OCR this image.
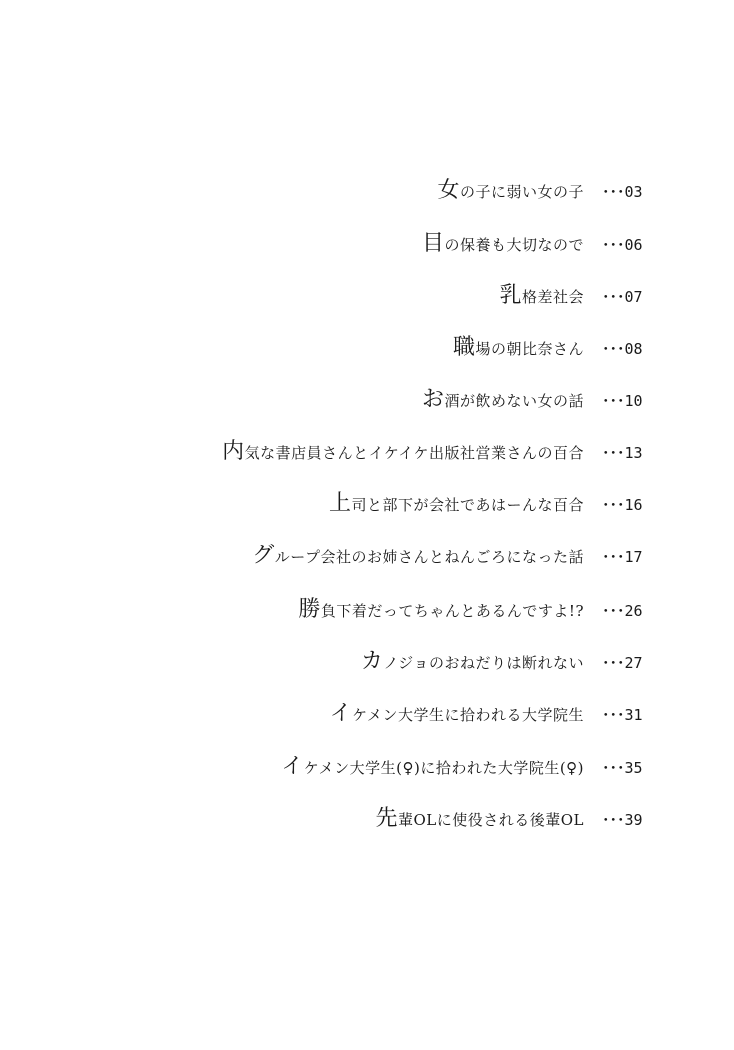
女 の子に弱い女の子 ･･･03
目 の保養も大切なので ･･･06
乳 格差社会 ･･･07
職 場の朝比奈さん ･･･08
お 酒が飲めない女の話 ･･･10
内 気な書店員さんとイケイケ出版社営業さんの百合 ･･･13
上 司と部下が会社であはーんな百合 ･･･16
グ ループ会社のお姉さんとねんごろになった話 ･･･17
勝 負下着だってちゃんとあるんですよ!? ･･･26
カ ノジョのおねだりは断れない ･･･27
イ ケメン大学生に拾われる大学院生 ･･･31
イ ケメン大学生(♀)に拾われた大学院生(♀) ･･･35
先 輩OLに使役される後輩OL ･･･39
